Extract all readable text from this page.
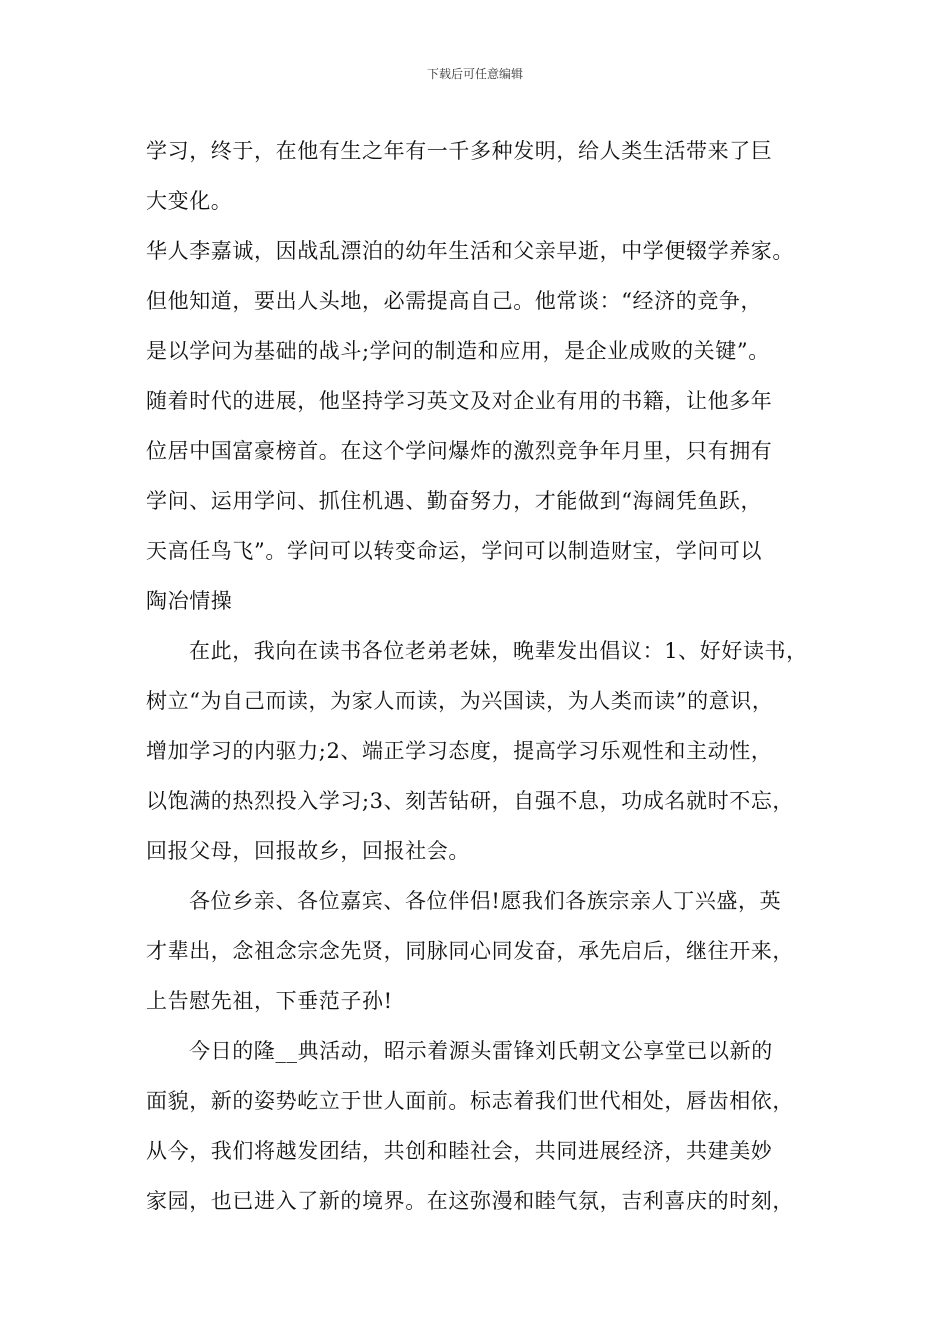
下载后可任意编辑
学习，终于，在他有生之年有一千多种发明，给人类生活带来了巨
大变化。
华人李嘉诚，因战乱漂泊的幼年生活和父亲早逝，中学便辍学养家。
但他知道，要出人头地，必需提高自己。他常谈：“经济的竞争，
是以学问为基础的战斗;学问的制造和应用，是企业成败的关键”。
随着时代的进展，他坚持学习英文及对企业有用的书籍，让他多年
位居中国富豪榜首。在这个学问爆炸的激烈竞争年月里，只有拥有
学问、运用学问、抓住机遇、勤奋努力，才能做到“海阔凭鱼跃，
天高任鸟飞”。学问可以转变命运，学问可以制造财宝，学问可以
陶冶情操
在此，我向在读书各位老弟老妹，晚辈发出倡议：1、好好读书，
树立“为自己而读，为家人而读，为兴国读，为人类而读”的意识，
增加学习的内驱力;2、端正学习态度，提高学习乐观性和主动性，
以饱满的热烈投入学习;3、刻苦钻研，自强不息，功成名就时不忘，
回报父母，回报故乡，回报社会。
各位乡亲、各位嘉宾、各位伴侣!愿我们各族宗亲人丁兴盛，英
才辈出，念祖念宗念先贤，同脉同心同发奋，承先启后，继往开来，
上告慰先祖，下垂范子孙!
今日的隆__典活动，昭示着源头雷锋刘氏朝文公享堂已以新的
面貌，新的姿势屹立于世人面前。标志着我们世代相处，唇齿相依，
从今，我们将越发团结，共创和睦社会，共同进展经济，共建美妙
家园，也已进入了新的境界。在这弥漫和睦气氛，吉利喜庆的时刻，
